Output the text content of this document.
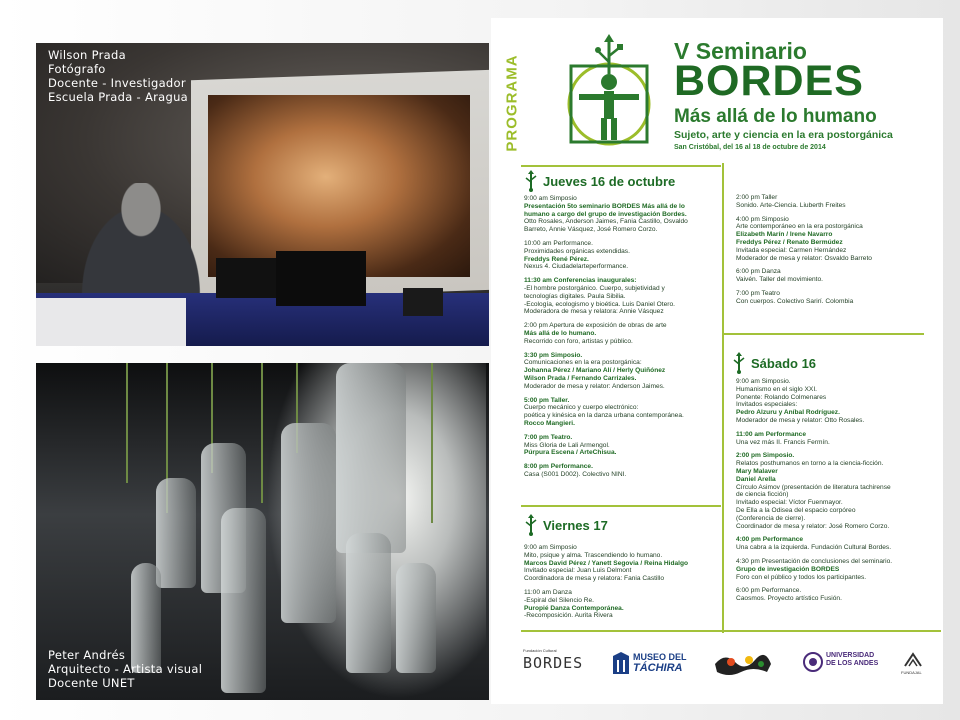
Wilson Prada
Fotógrafo
Docente - Investigador
Escuela Prada - Aragua
Peter Andrés
Arquitecto - Artista visual
Docente UNET
PROGRAMA
V Seminario
BORDES
Más allá de lo humano
Sujeto, arte y ciencia en la era postorgánica
San Cristóbal, del 16 al 18 de octubre de 2014
Jueves 16 de octubre
Viernes 17
Sábado 16
9:00 am Simposio
Presentación 5to seminario BORDES Más allá de lo
humano a cargo del grupo de investigación Bordes.
Otto Rosales, Anderson Jaimes, Fania Castillo, Osvaldo
Barreto, Annie Vásquez, José Romero Corzo.
10:00 am Performance.
Proximidades orgánicas extendidas.
Freddys René Pérez.
Nexus 4. Ciudadelarteperformance.
11:30 am Conferencias inaugurales:
-El hombre postorgánico. Cuerpo, subjetividad y
tecnologías digitales. Paula Sibilia.
-Ecología, ecologismo y bioética. Luis Daniel Otero.
Moderadora de mesa y relatora: Annie Vásquez
2:00 pm Apertura de exposición de obras de arte
Más allá de lo humano.
Recorrido con foro, artistas y público.
3:30 pm Simposio.
Comunicaciones en la era postorgánica:
Johanna Pérez / Mariano Alí / Herly Quiñónez
Wilson Prada / Fernando Carrizales.
Moderador de mesa y relator: Anderson Jaimes.
5:00 pm Taller.
Cuerpo mecánico y cuerpo electrónico:
poética y kinésica en la danza urbana contemporánea.
Rocco Mangieri.
7:00 pm Teatro.
Miss Gloria de Lali Armengol.
Púrpura Escena / ArteChisua.
8:00 pm Performance.
Casa (S001 D002). Colectivo NINI.
9:00 am Simposio
Mito, psique y alma. Trascendiendo lo humano.
Marcos David Pérez / Yanett Segovia / Reina Hidalgo
Invitado especial: Juan Luis Delmont
Coordinadora de mesa y relatora: Fania Castillo
11:00 am Danza
-Espiral del Silencio Re.
Puropié Danza Contemporánea.
-Recomposición. Aurita Rivera
2:00 pm Taller
Sonido. Arte-Ciencia. Liuberth Freites
4:00 pm Simposio
Arte contemporáneo en la era postorgánica
Elizabeth Marín / Irene Navarro
Freddys Pérez / Renato Bermúdez
Invitada especial: Carmen Hernández
Moderador de mesa y relator: Osvaldo Barreto
6:00 pm Danza
Vaivén. Taller del movimiento.
7:00 pm Teatro
Con cuerpos. Colectivo Sarirí. Colombia
9:00 am Simposio.
Humanismo en el siglo XXI.
Ponente: Rolando Colmenares
Invitados especiales:
Pedro Alzuru y Aníbal Rodríguez.
Moderador de mesa y relator: Otto Rosales.
11:00 am Performance
Una vez más II. Francis Fermín.
2:00 pm Simposio.
Relatos posthumanos en torno a la ciencia-ficción.
Mary Malaver
Daniel Arella
Círculo Asimov (presentación de literatura tachirense
de ciencia ficción)
Invitado especial: Víctor Fuenmayor.
De Ella a la Odisea del espacio corpóreo
(Conferencia de cierre).
Coordinador de mesa y relator: José Romero Corzo.
4:00 pm Performance
Una cabra a la izquierda. Fundación Cultural Bordes.
4:30 pm Presentación de conclusiones del seminario.
Grupo de investigación BORDES
Foro con el público y todos los participantes.
6:00 pm Performance.
Caosmos. Proyecto artístico Fusión.
Fundación Cultural
BORDES	MUSEO DEL
TÁCHIRA
UNIVERSIDAD
DE LOS ANDES
FUNDAJAL
